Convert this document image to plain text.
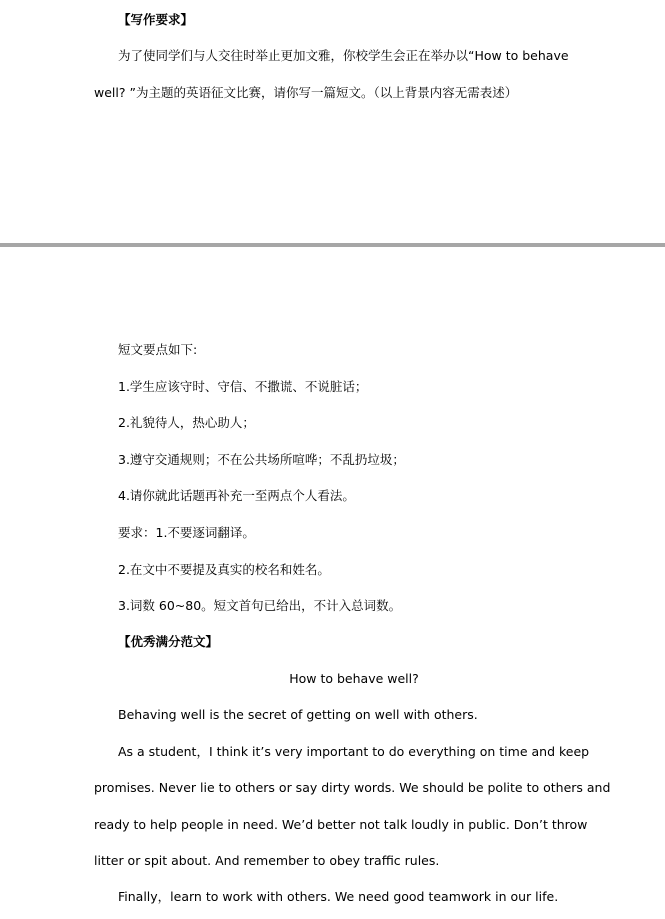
【写作要求】
为了使同学们与人交往时举止更加文雅，你校学生会正在举办以“How to behave
well? ”为主题的英语征文比赛，请你写一篇短文。（以上背景内容无需表述）
短文要点如下:
1.学生应该守时、守信、不撒谎、不说脏话；
2.礼貌待人，热心助人；
3.遵守交通规则；不在公共场所喧哗；不乱扔垃圾；
4.请你就此话题再补充一至两点个人看法。
要求：1.不要逐词翻译。
2.在文中不要提及真实的校名和姓名。
3.词数 60~80。短文首句已给出，不计入总词数。
【优秀满分范文】
How to behave well?
Behaving well is the secret of getting on well with others.
As a student，I think it’s very important to do everything on time and keep
promises. Never lie to others or say dirty words. We should be polite to others and
ready to help people in need. We’d better not talk loudly in public. Don’t throw
litter or spit about. And remember to obey traffic rules.
Finally，learn to work with others. We need good teamwork in our life.
